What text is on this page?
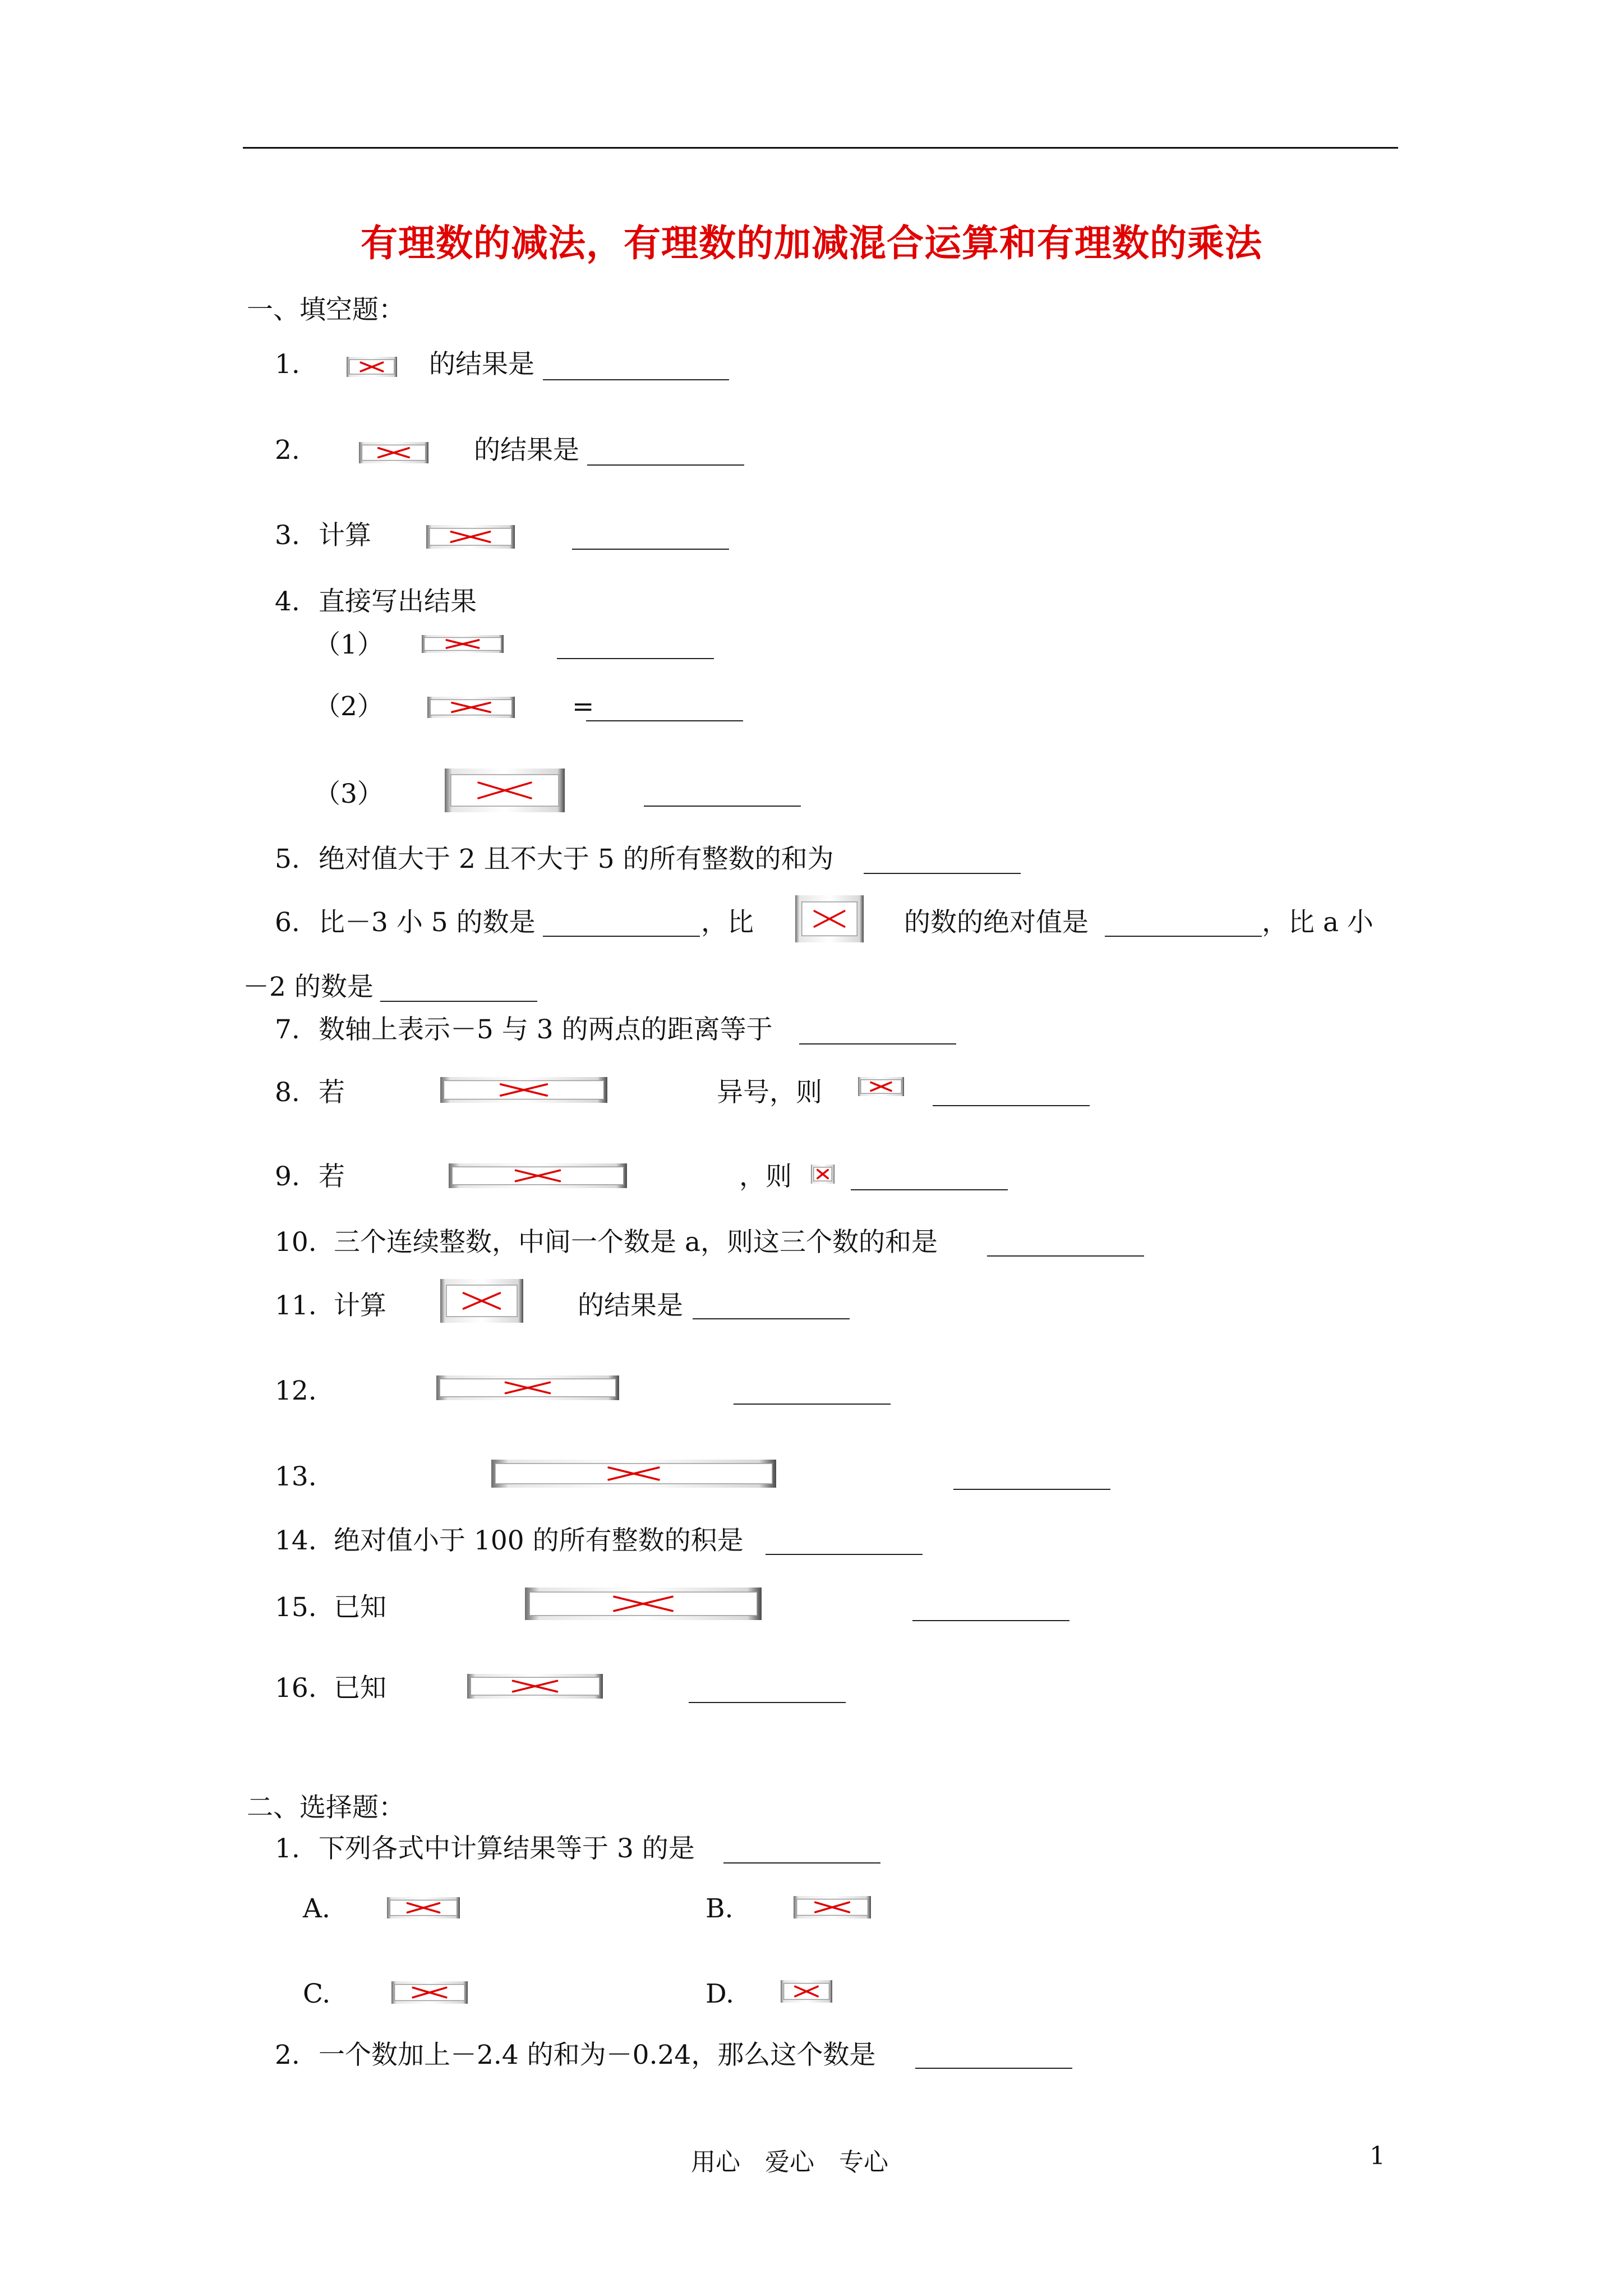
有理数的减法，有理数的加减混合运算和有理数的乘法
一、填空题：
1.	的结果是
2.	的结果是
3. 计算
4. 直接写出结果
（1）
（2）	=
（3）
5. 绝对值大于 2 且不大于 5 的所有整数的和为
6. 比－3 小 5 的数是	，比	的数的绝对值是	，比 a 小
－2 的数是
7. 数轴上表示－5 与 3 的两点的距离等于
8. 若	异号，则
9. 若	，则
10. 三个连续整数，中间一个数是 a，则这三个数的和是
11. 计算	的结果是
12.
13.
14. 绝对值小于 100 的所有整数的积是
15. 已知
16. 已知
二、选择题：
1. 下列各式中计算结果等于 3 的是
A.	B.
C.	D.
2. 一个数加上－2.4 的和为－0.24，那么这个数是
用心　爱心　专心	1
